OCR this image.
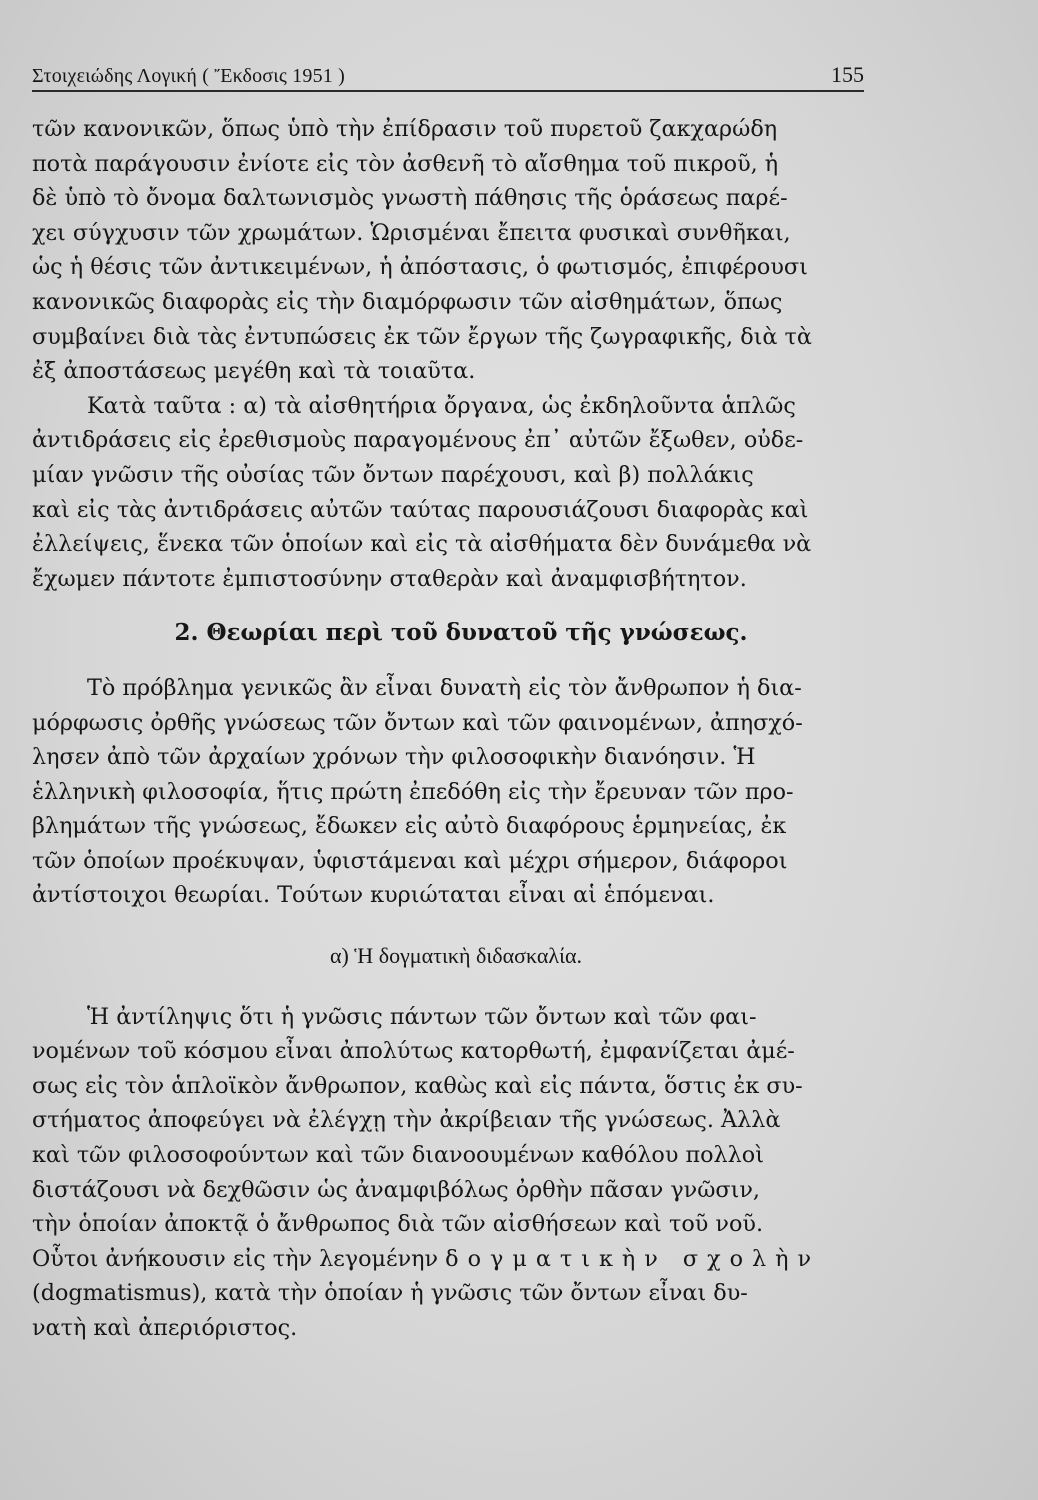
Στοιχειώδης Λογική ( Ἔκδοσις 1951 )	155
τῶν κανονικῶν, ὅπως ὑπὸ τὴν ἐπίδρασιν τοῦ πυρετοῦ ζακχαρώδη
ποτὰ παράγουσιν ἐνίοτε εἰς τὸν ἀσθενῆ τὸ αἴσθημα τοῦ πικροῦ, ἡ
δὲ ὑπὸ τὸ ὄνομα δαλτωνισμὸς γνωστὴ πάθησις τῆς ὁράσεως παρέ-
χει σύγχυσιν τῶν χρωμάτων. Ὡρισμέναι ἔπειτα φυσικαὶ συνθῆκαι,
ὡς ἡ θέσις τῶν ἀντικειμένων, ἡ ἀπόστασις, ὁ φωτισμός, ἐπιφέρουσι
κανονικῶς διαφορὰς εἰς τὴν διαμόρφωσιν τῶν αἰσθημάτων, ὅπως
συμβαίνει διὰ τὰς ἐντυπώσεις ἐκ τῶν ἔργων τῆς ζωγραφικῆς, διὰ τὰ
ἐξ ἀποστάσεως μεγέθη καὶ τὰ τοιαῦτα.
Κατὰ ταῦτα : α) τὰ αἰσθητήρια ὄργανα, ὡς ἐκδηλοῦντα ἁπλῶς
ἀντιδράσεις εἰς ἐρεθισμοὺς παραγομένους ἐπ᾽ αὐτῶν ἔξωθεν, οὐδε-
μίαν γνῶσιν τῆς οὐσίας τῶν ὄντων παρέχουσι, καὶ β) πολλάκις
καὶ εἰς τὰς ἀντιδράσεις αὐτῶν ταύτας παρουσιάζουσι διαφορὰς καὶ
ἐλλείψεις, ἕνεκα τῶν ὁποίων καὶ εἰς τὰ αἰσθήματα δὲν δυνάμεθα νὰ
ἔχωμεν πάντοτε ἐμπιστοσύνην σταθερὰν καὶ ἀναμφισβήτητον.
2. Θεωρίαι περὶ τοῦ δυνατοῦ τῆς γνώσεως.
Τὸ πρόβλημα γενικῶς ἂν εἶναι δυνατὴ εἰς τὸν ἄνθρωπον ἡ δια-
μόρφωσις ὀρθῆς γνώσεως τῶν ὄντων καὶ τῶν φαινομένων, ἀπησχό-
λησεν ἀπὸ τῶν ἀρχαίων χρόνων τὴν φιλοσοφικὴν διανόησιν. Ἡ
ἑλληνικὴ φιλοσοφία, ἥτις πρώτη ἐπεδόθη εἰς τὴν ἔρευναν τῶν προ-
βλημάτων τῆς γνώσεως, ἔδωκεν εἰς αὐτὸ διαφόρους ἑρμηνείας, ἐκ
τῶν ὁποίων προέκυψαν, ὑφιστάμεναι καὶ μέχρι σήμερον, διάφοροι
ἀντίστοιχοι θεωρίαι. Τούτων κυριώταται εἶναι αἱ ἑπόμεναι.
α) Ἡ δογματικὴ διδασκαλία.
Ἡ ἀντίληψις ὅτι ἡ γνῶσις πάντων τῶν ὄντων καὶ τῶν φαι-
νομένων τοῦ κόσμου εἶναι ἀπολύτως κατορθωτή, ἐμφανίζεται ἀμέ-
σως εἰς τὸν ἁπλοϊκὸν ἄνθρωπον, καθὼς καὶ εἰς πάντα, ὅστις ἐκ συ-
στήματος ἀποφεύγει νὰ ἐλέγχῃ τὴν ἀκρίβειαν τῆς γνώσεως. Ἀλλὰ
καὶ τῶν φιλοσοφούντων καὶ τῶν διανοουμένων καθόλου πολλοὶ
διστάζουσι νὰ δεχθῶσιν ὡς ἀναμφιβόλως ὀρθὴν πᾶσαν γνῶσιν,
τὴν ὁποίαν ἀποκτᾷ ὁ ἄνθρωπος διὰ τῶν αἰσθήσεων καὶ τοῦ νοῦ.
Οὗτοι ἀνήκουσιν εἰς τὴν λεγομένην δογματικὴν σχολὴν
(dogmatismus), κατὰ τὴν ὁποίαν ἡ γνῶσις τῶν ὄντων εἶναι δυ-
νατὴ καὶ ἀπεριόριστος.
